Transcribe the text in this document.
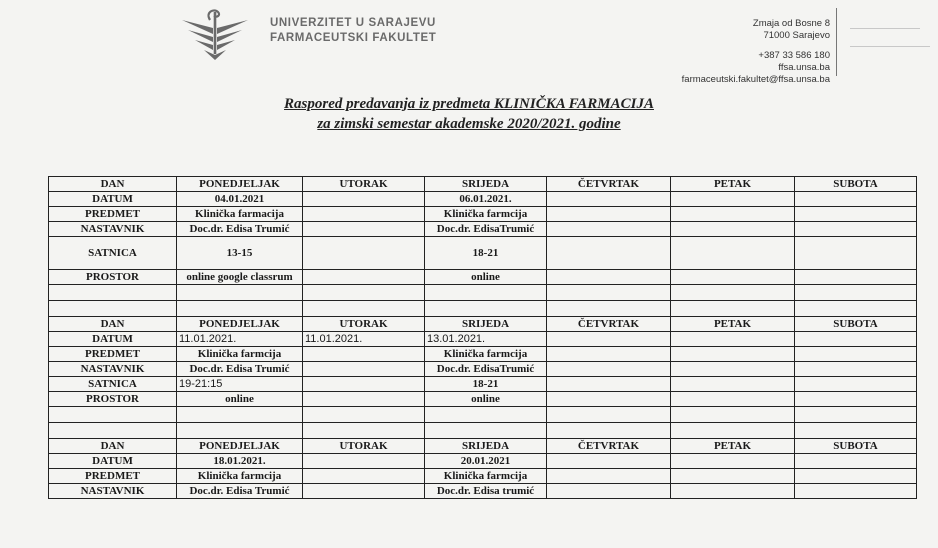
UNIVERZITET U SARAJEVU
FARMACEUTSKI FAKULTET
Zmaja od Bosne 8
71000 Sarajevo
+387 33 586 180
ffsa.unsa.ba
farmaceutski.fakultet@ffsa.unsa.ba
Raspored predavanja iz predmeta KLINIČKA FARMACIJA
za zimski semestar akademske 2020/2021. godine
DAN	PONEDJELJAK	UTORAK	SRIJEDA	ČETVRTAK	PETAK	SUBOTA
DATUM	04.01.2021		06.01.2021.			
PREDMET	Klinička farmacija		Klinička farmcija			
NASTAVNIK	Doc.dr. Edisa Trumić		Doc.dr. EdisaTrumić			
SATNICA	13-15		18-21			
PROSTOR	online google classrum		online			

DAN	PONEDJELJAK	UTORAK	SRIJEDA	ČETVRTAK	PETAK	SUBOTA
DATUM	11.01.2021.	11.01.2021.	13.01.2021.			
PREDMET	Klinička farmcija		Klinička farmcija			
NASTAVNIK	Doc.dr. Edisa Trumić		Doc.dr. EdisaTrumić			
SATNICA	19-21:15		18-21			
PROSTOR	online		online			

DAN	PONEDJELJAK	UTORAK	SRIJEDA	ČETVRTAK	PETAK	SUBOTA
DATUM	18.01.2021.		20.01.2021			
PREDMET	Klinička farmcija		Klinička farmcija			
NASTAVNIK	Doc.dr. Edisa Trumić		Doc.dr. Edisa trumić			
